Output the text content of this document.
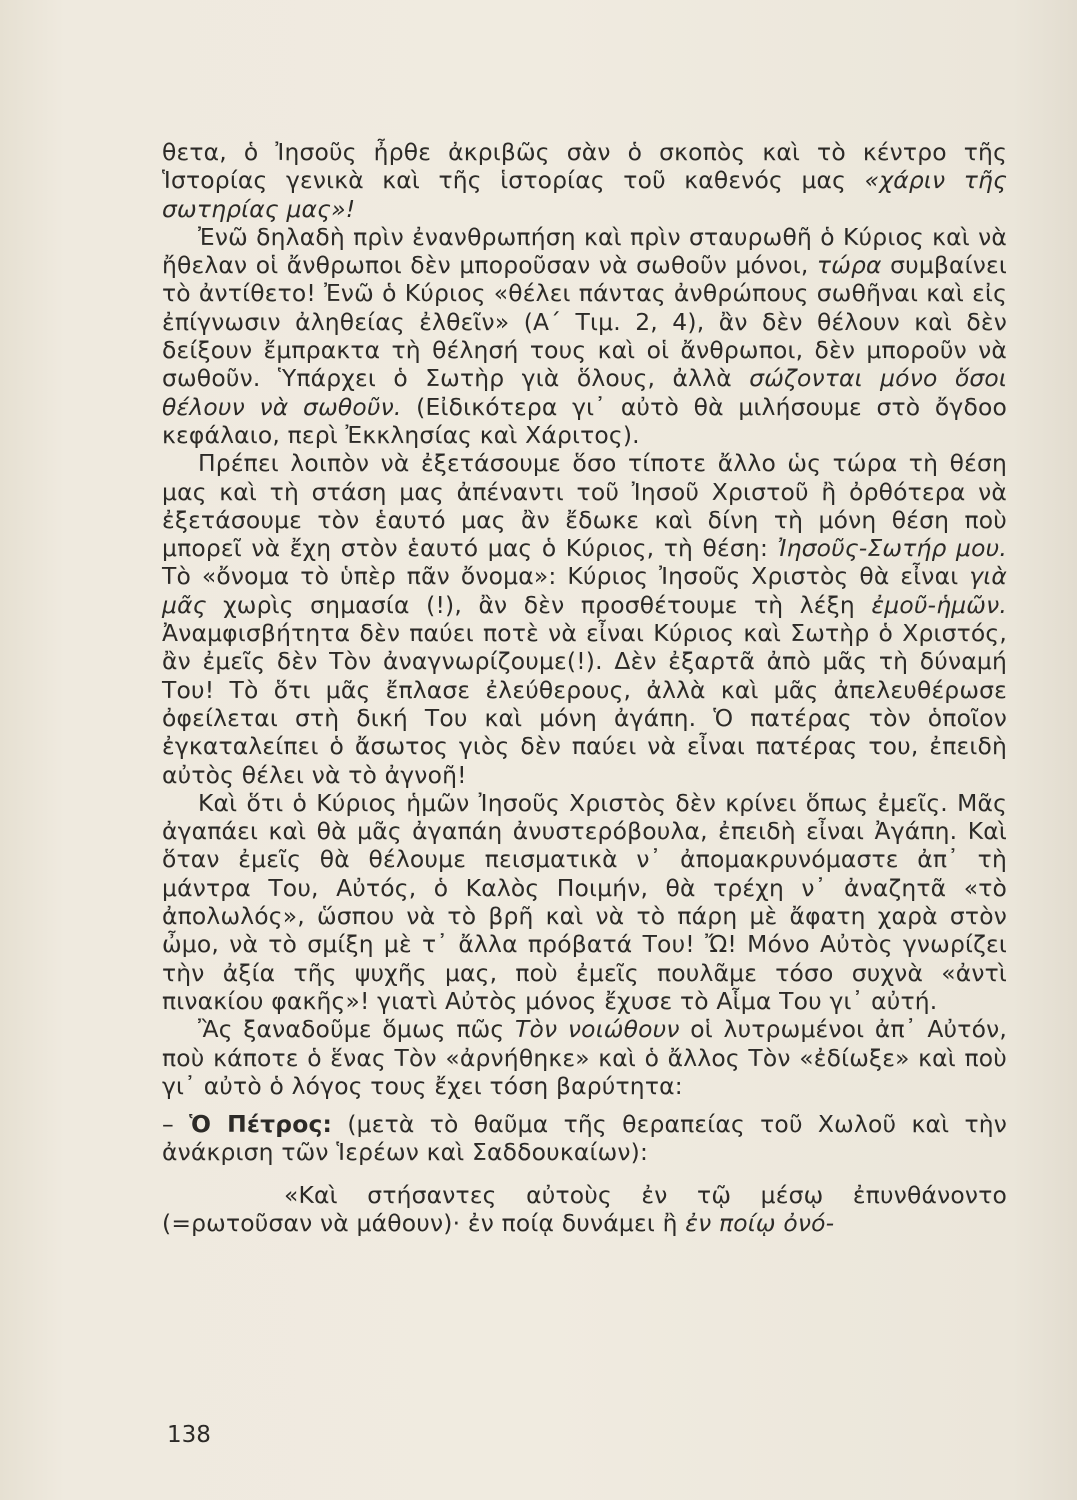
θετα, ὁ Ἰησοῦς ἦρθε ἀκριβῶς σὰν ὁ σκοπὸς καὶ τὸ κέντρο τῆς Ἱστορίας γενικὰ καὶ τῆς ἱστορίας τοῦ καθενός μας «χάριν τῆς σωτηρίας μας»!

Ἐνῶ δηλαδὴ πρὶν ἐνανθρωπήση καὶ πρὶν σταυρωθῆ ὁ Κύριος καὶ νὰ ἤθελαν οἱ ἄνθρωποι δὲν μποροῦσαν νὰ σωθοῦν μόνοι, τώρα συμβαίνει τὸ ἀντίθετο! Ἐνῶ ὁ Κύριος «θέλει πάντας ἀνθρώπους σωθῆναι καὶ εἰς ἐπίγνωσιν ἀληθείας ἐλθεῖν» (Α΄ Τιμ. 2, 4), ἂν δὲν θέλουν καὶ δὲν δείξουν ἔμπρακτα τὴ θέλησή τους καὶ οἱ ἄνθρωποι, δὲν μποροῦν νὰ σωθοῦν. Ὑπάρχει ὁ Σωτὴρ γιὰ ὅλους, ἀλλὰ σώζονται μόνο ὅσοι θέλουν νὰ σωθοῦν. (Εἰδικότερα γι᾽ αὐτὸ θὰ μιλήσουμε στὸ ὄγδοο κεφάλαιο, περὶ Ἐκκλησίας καὶ Χάριτος).

Πρέπει λοιπὸν νὰ ἐξετάσουμε ὅσο τίποτε ἄλλο ὡς τώρα τὴ θέση μας καὶ τὴ στάση μας ἀπέναντι τοῦ Ἰησοῦ Χριστοῦ ἢ ὀρθότερα νὰ ἐξετάσουμε τὸν ἑαυτό μας ἂν ἔδωκε καὶ δίνη τὴ μόνη θέση ποὺ μπορεῖ νὰ ἔχη στὸν ἑαυτό μας ὁ Κύριος, τὴ θέση: Ἰησοῦς-Σωτήρ μου. Τὸ «ὄνομα τὸ ὑπὲρ πᾶν ὄνομα»: Κύριος Ἰησοῦς Χριστὸς θὰ εἶναι γιὰ μᾶς χωρὶς σημασία (!), ἂν δὲν προσθέτουμε τὴ λέξη ἐμοῦ-ἡμῶν. Ἀναμφισβήτητα δὲν παύει ποτὲ νὰ εἶναι Κύριος καὶ Σωτὴρ ὁ Χριστός, ἂν ἐμεῖς δὲν Τὸν ἀναγνωρίζουμε(!). Δὲν ἐξαρτᾶ ἀπὸ μᾶς τὴ δύναμή Του! Τὸ ὅτι μᾶς ἔπλασε ἐλεύθερους, ἀλλὰ καὶ μᾶς ἀπελευθέρωσε ὀφείλεται στὴ δική Του καὶ μόνη ἀγάπη. Ὁ πατέρας τὸν ὁποῖον ἐγκαταλείπει ὁ ἄσωτος γιὸς δὲν παύει νὰ εἶναι πατέρας του, ἐπειδὴ αὐτὸς θέλει νὰ τὸ ἀγνοῆ!

Καὶ ὅτι ὁ Κύριος ἡμῶν Ἰησοῦς Χριστὸς δὲν κρίνει ὅπως ἐμεῖς. Μᾶς ἀγαπάει καὶ θὰ μᾶς ἀγαπάη ἀνυστερόβουλα, ἐπειδὴ εἶναι Ἀγάπη. Καὶ ὅταν ἐμεῖς θὰ θέλουμε πεισματικὰ ν᾽ ἀπομακρυνόμαστε ἀπ᾽ τὴ μάντρα Του, Αὐτός, ὁ Καλὸς Ποιμήν, θὰ τρέχη ν᾽ ἀναζητᾶ «τὸ ἀπολωλός», ὥσπου νὰ τὸ βρῆ καὶ νὰ τὸ πάρη μὲ ἄφατη χαρὰ στὸν ὦμο, νὰ τὸ σμίξη μὲ τ᾽ ἄλλα πρόβατά Του! Ὤ! Μόνο Αὐτὸς γνωρίζει τὴν ἀξία τῆς ψυχῆς μας, ποὺ ἐμεῖς πουλᾶμε τόσο συχνὰ «ἀντὶ πινακίου φακῆς»! γιατὶ Αὐτὸς μόνος ἔχυσε τὸ Αἷμα Του γι᾽ αὐτή.

Ἂς ξαναδοῦμε ὅμως πῶς Τὸν νοιώθουν οἱ λυτρωμένοι ἀπ᾽ Αὐτόν, ποὺ κάποτε ὁ ἕνας Τὸν «ἀρνήθηκε» καὶ ὁ ἄλλος Τὸν «ἐδίωξε» καὶ ποὺ γι᾽ αὐτὸ ὁ λόγος τους ἔχει τόση βαρύτητα:

– Ὁ Πέτρος: (μετὰ τὸ θαῦμα τῆς θεραπείας τοῦ Χωλοῦ καὶ τὴν ἀνάκριση τῶν Ἱερέων καὶ Σαδδουκαίων):

«Καὶ στήσαντες αὐτοὺς ἐν τῷ μέσῳ ἐπυνθάνοντο (=ρωτοῦσαν νὰ μάθουν)· ἐν ποίᾳ δυνάμει ἢ ἐν ποίῳ ὀνό-

138
